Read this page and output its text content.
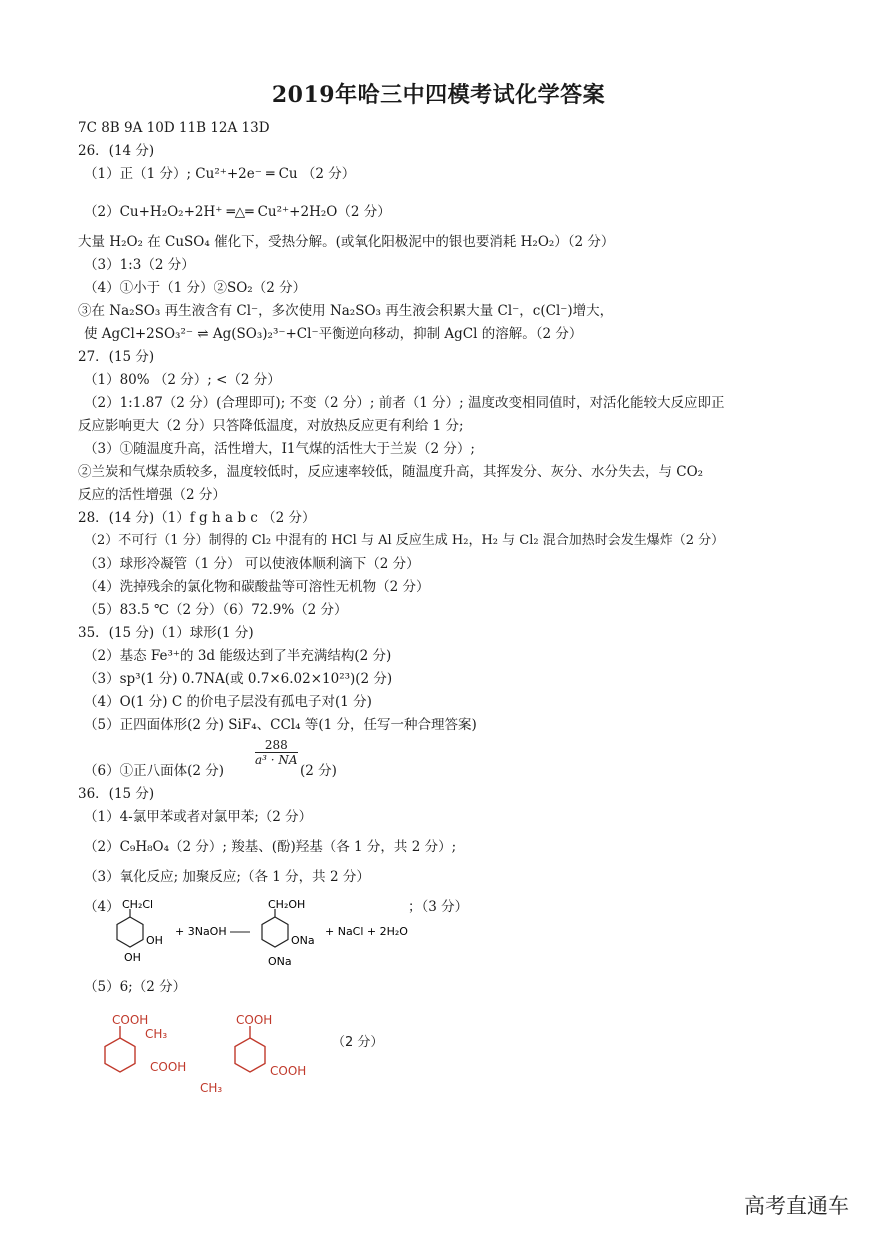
2019年哈三中四模考试化学答案
7C 8B 9A 10D 11B 12A 13D
26．(14 分)
（1）正（1 分）; Cu²⁺+2e⁻ ═ Cu （2 分）
（2）Cu+H₂O₂+2H⁺ ═△═ Cu²⁺+2H₂O（2 分）
大量 H₂O₂ 在 CuSO₄ 催化下，受热分解。(或氧化阳极泥中的银也要消耗 H₂O₂）（2 分）
（3）1:3（2 分）
（4）①小于（1 分）②SO₂（2 分）
③在 Na₂SO₃ 再生液含有 Cl⁻，多次使用 Na₂SO₃ 再生液会积累大量 Cl⁻，c(Cl⁻)增大，
使 AgCl+2SO₃²⁻ ⇌ Ag(SO₃)₂³⁻+Cl⁻平衡逆向移动，抑制 AgCl 的溶解。（2 分）
27．(15 分)
（1）80% （2 分）; <（2 分）
（2）1:1.87（2 分）(合理即可); 不变（2 分）; 前者（1 分）; 温度改变相同值时，对活化能较大反应即正
反应影响更大（2 分）只答降低温度，对放热反应更有利给 1 分;
（3）①随温度升高，活性增大，I1气煤的活性大于兰炭（2 分）;
②兰炭和气煤杂质较多，温度较低时，反应速率较低，随温度升高，其挥发分、灰分、水分失去，与 CO₂
反应的活性增强（2 分）
28．(14 分)（1）f g h a b c （2 分）
（2）不可行（1 分）制得的 Cl₂ 中混有的 HCl 与 Al 反应生成 H₂，H₂ 与 Cl₂ 混合加热时会发生爆炸（2 分）
（3）球形冷凝管（1 分） 可以使液体顺利滴下（2 分）
（4）洗掉残余的氯化物和碳酸盐等可溶性无机物（2 分）
（5）83.5 ℃（2 分）（6）72.9%（2 分）
35．(15 分)（1）球形(1 分)
（2）基态 Fe³⁺的 3d 能级达到了半充满结构(2 分)
（3）sp³(1 分) 0.7NA(或 0.7×6.02×10²³)(2 分)
（4）O(1 分) C 的价电子层没有孤电子对(1 分)
（5）正四面体形(2 分) SiF₄、CCl₄ 等(1 分，任写一种合理答案)
（6）①正八面体(2 分)
$\frac{288}{\text{a³ · NA}}$
(2 分)
36．(15 分)
（1）4-氯甲苯或者对氯甲苯;（2 分）
（2）C₉H₈O₄（2 分）; 羧基、(酚)羟基（各 1 分，共 2 分）;
（3）氧化反应; 加聚反应;（各 1 分，共 2 分）
（4）	；（3 分）
CH₂Cl
OH
OH
+ 3NaOH
CH₂OH
ONa
ONa
+ NaCl + 2H₂O
（5）6;（2 分）
COOH
CH₃
COOH
COOH
CH₃
COOH
（2 分）
高考直通车
